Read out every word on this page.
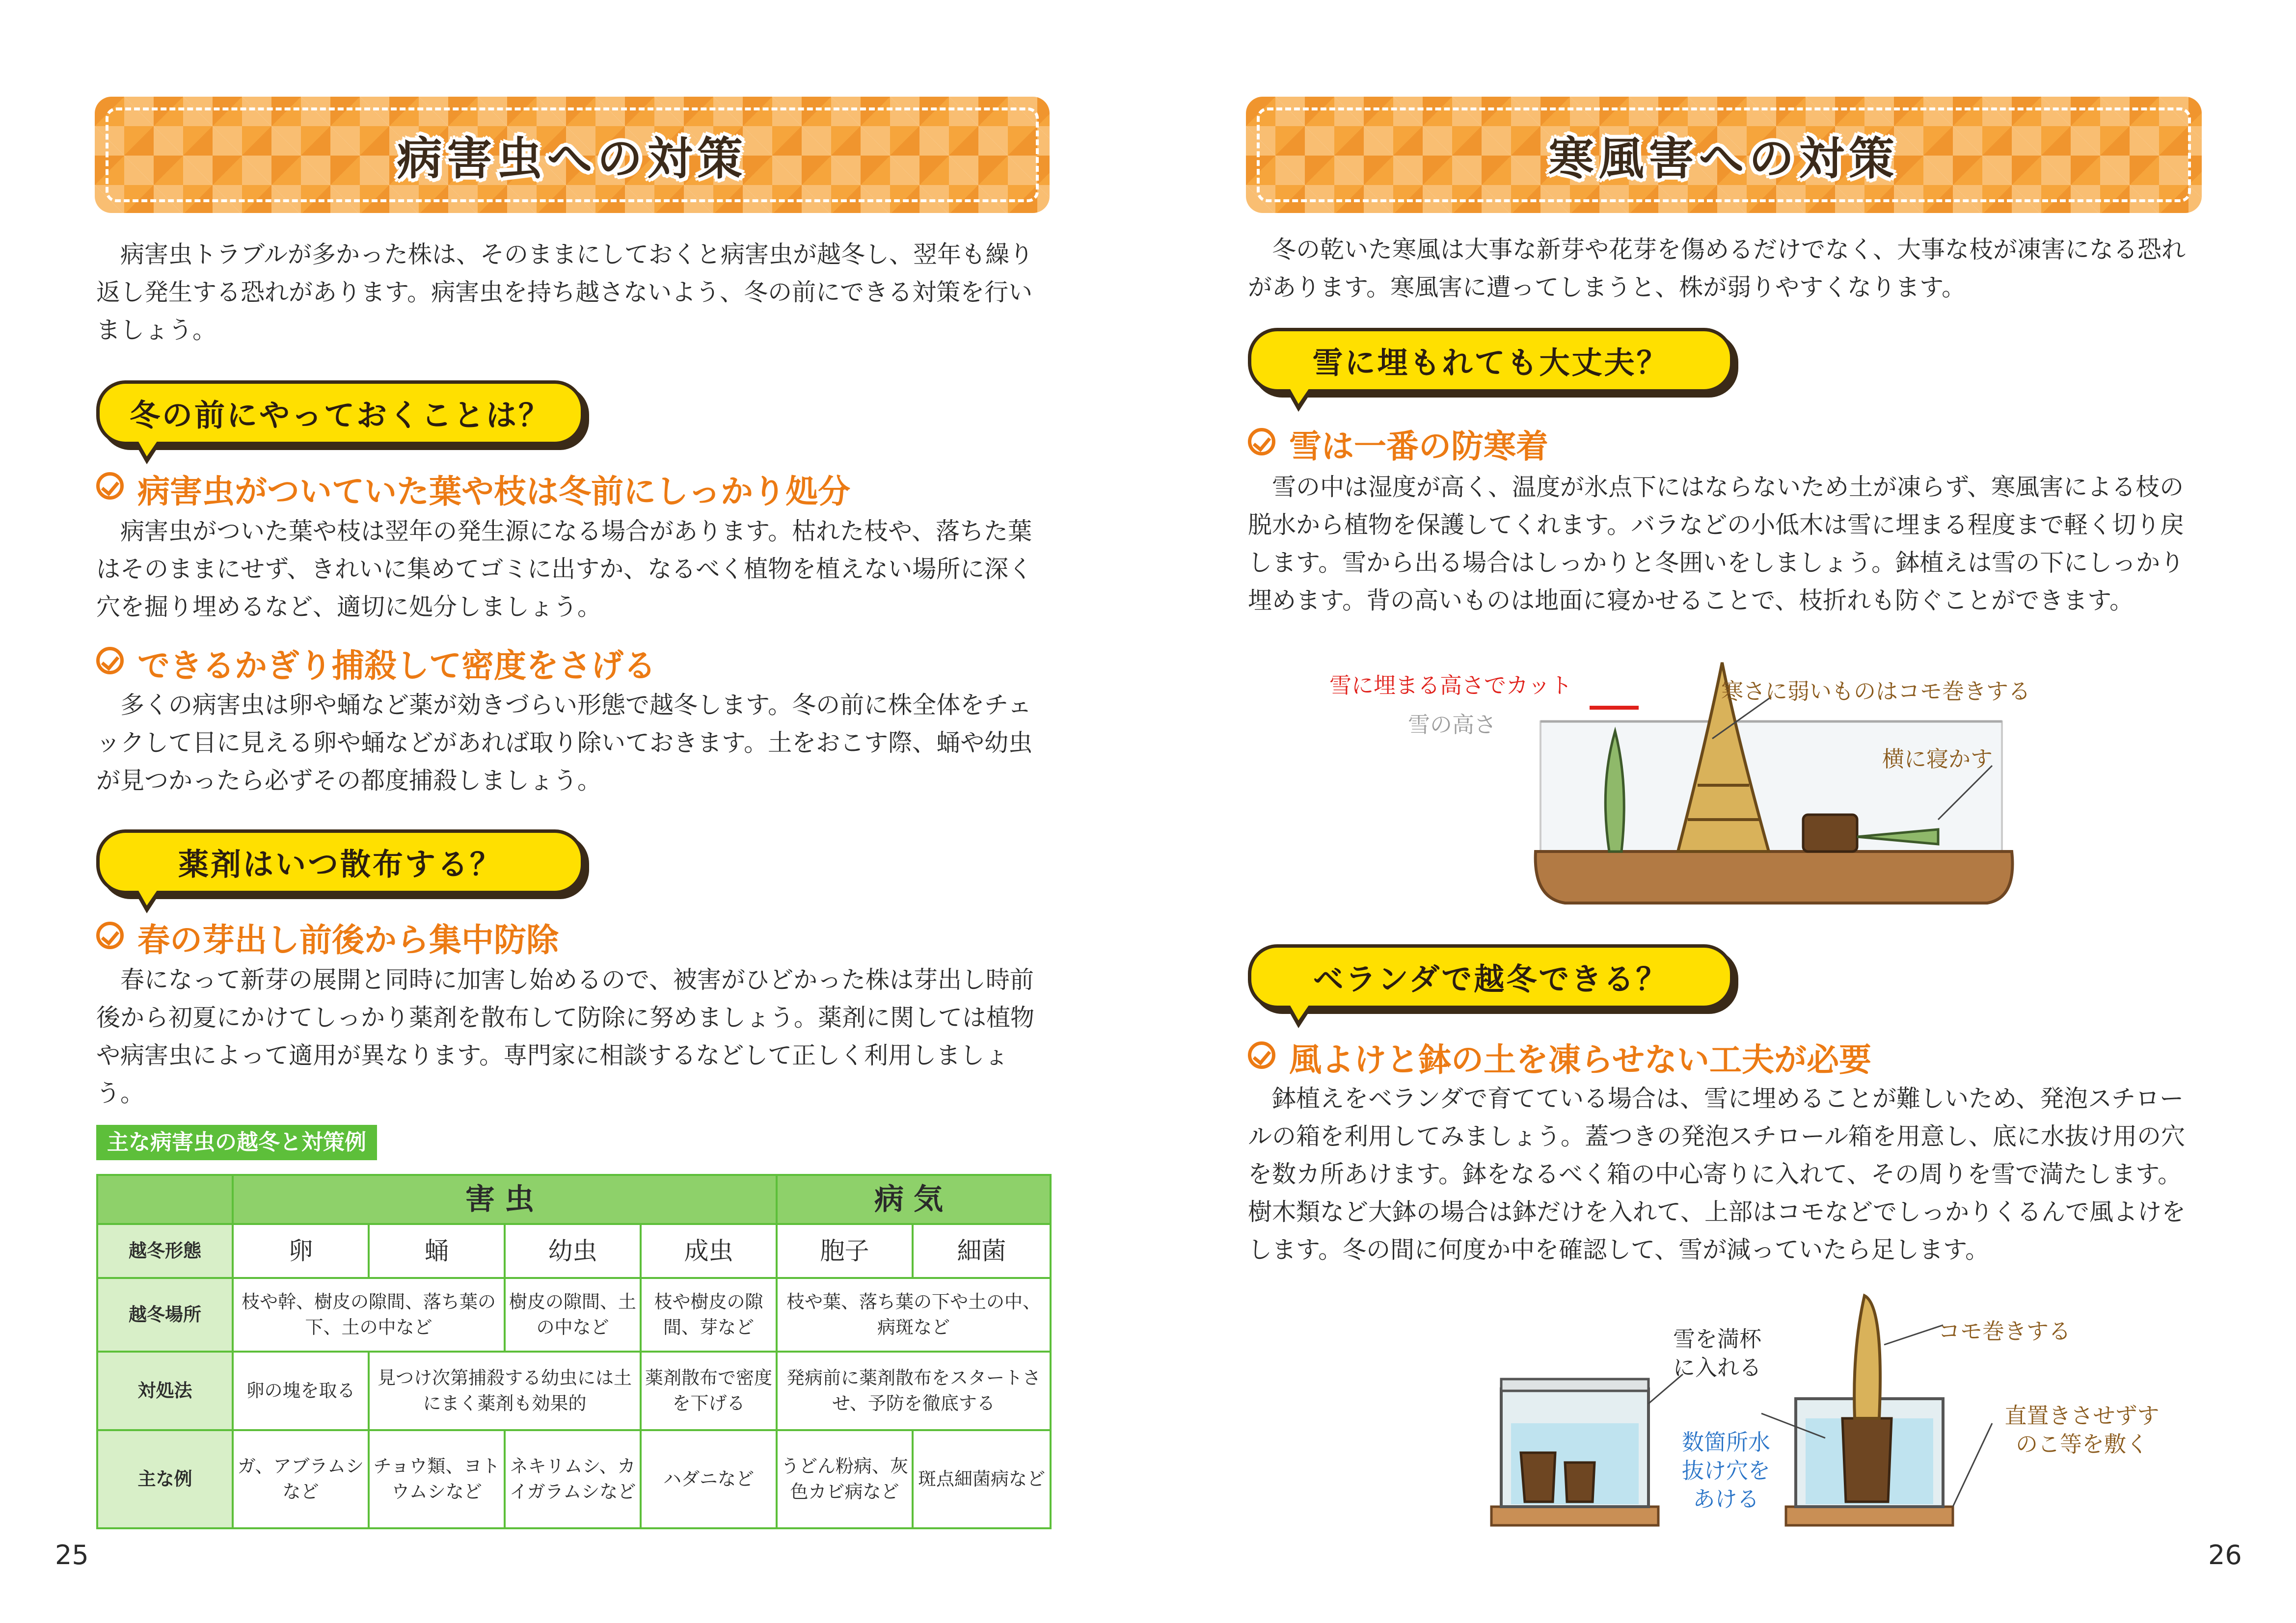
病害虫への対策

病害虫トラブルが多かった株は、そのままにしておくと病害虫が越冬し、翌年も繰り返し発生する恐れがあります。病害虫を持ち越さないよう、冬の前にできる対策を行いましょう。

冬の前にやっておくことは？
病害虫がついていた葉や枝は冬前にしっかり処分

病害虫がついた葉や枝は翌年の発生源になる場合があります。枯れた枝や、落ちた葉はそのままにせず、きれいに集めてゴミに出すか、なるべく植物を植えない場所に深く穴を掘り埋めるなど、適切に処分しましょう。

できるかぎり捕殺して密度をさげる

多くの病害虫は卵や蛹など薬が効きづらい形態で越冬します。冬の前に株全体をチェックして目に見える卵や蛹などがあれば取り除いておきます。土をおこす際、蛹や幼虫が見つかったら必ずその都度捕殺しましょう。

薬剤はいつ散布する？
春の芽出し前後から集中防除

春になって新芽の展開と同時に加害し始めるので、被害がひどかった株は芽出し時前後から初夏にかけてしっかり薬剤を散布して防除に努めましょう。薬剤に関しては植物や病害虫によって適用が異なります。専門家に相談するなどして正しく利用しましょう。

主な病害虫の越冬と対策例
	害虫				病気	
越冬形態	卵	蛹	幼虫	成虫	胞子	細菌
越冬場所	枝や幹、樹皮の隙間、落ち葉の下、土の中など		樹皮の隙間、土の中など	枝や樹皮の隙間、芽など	枝や葉、落ち葉の下や土の中、病斑など	
対処法	卵の塊を取る	見つけ次第捕殺する幼虫には土にまく薬剤も効果的		薬剤散布で密度を下げる	発病前に薬剤散布をスタートさせ、予防を徹底する	
主な例	ガ、アブラムシなど	チョウ類、ヨトウムシなど	ネキリムシ、カイガラムシなど	ハダニなど	うどん粉病、灰色カビ病など	斑点細菌病など
25
寒風害への対策

冬の乾いた寒風は大事な新芽や花芽を傷めるだけでなく、大事な枝が凍害になる恐れがあります。寒風害に遭ってしまうと、株が弱りやすくなります。

雪に埋もれても大丈夫？
雪は一番の防寒着

雪の中は湿度が高く、温度が氷点下にはならないため土が凍らず、寒風害による枝の脱水から植物を保護してくれます。バラなどの小低木は雪に埋まる程度まで軽く切り戻します。雪から出る場合はしっかりと冬囲いをしましょう。鉢植えは雪の下にしっかり埋めます。背の高いものは地面に寝かせることで、枝折れも防ぐことができます。

雪に埋まる高さでカット
雪の高さ
寒さに弱いものはコモ巻きする
横に寝かす
ベランダで越冬できる？
風よけと鉢の土を凍らせない工夫が必要

鉢植えをベランダで育てている場合は、雪に埋めることが難しいため、発泡スチロールの箱を利用してみましょう。蓋つきの発泡スチロール箱を用意し、底に水抜け用の穴を数カ所あけます。鉢をなるべく箱の中心寄りに入れて、その周りを雪で満たします。樹木類など大鉢の場合は鉢だけを入れて、上部はコモなどでしっかりくるんで風よけをします。冬の間に何度か中を確認して、雪が減っていたら足します。

雪を満杯に入れる
数箇所水抜け穴をあける
コモ巻きする
直置きさせずすのこ等を敷く
26
